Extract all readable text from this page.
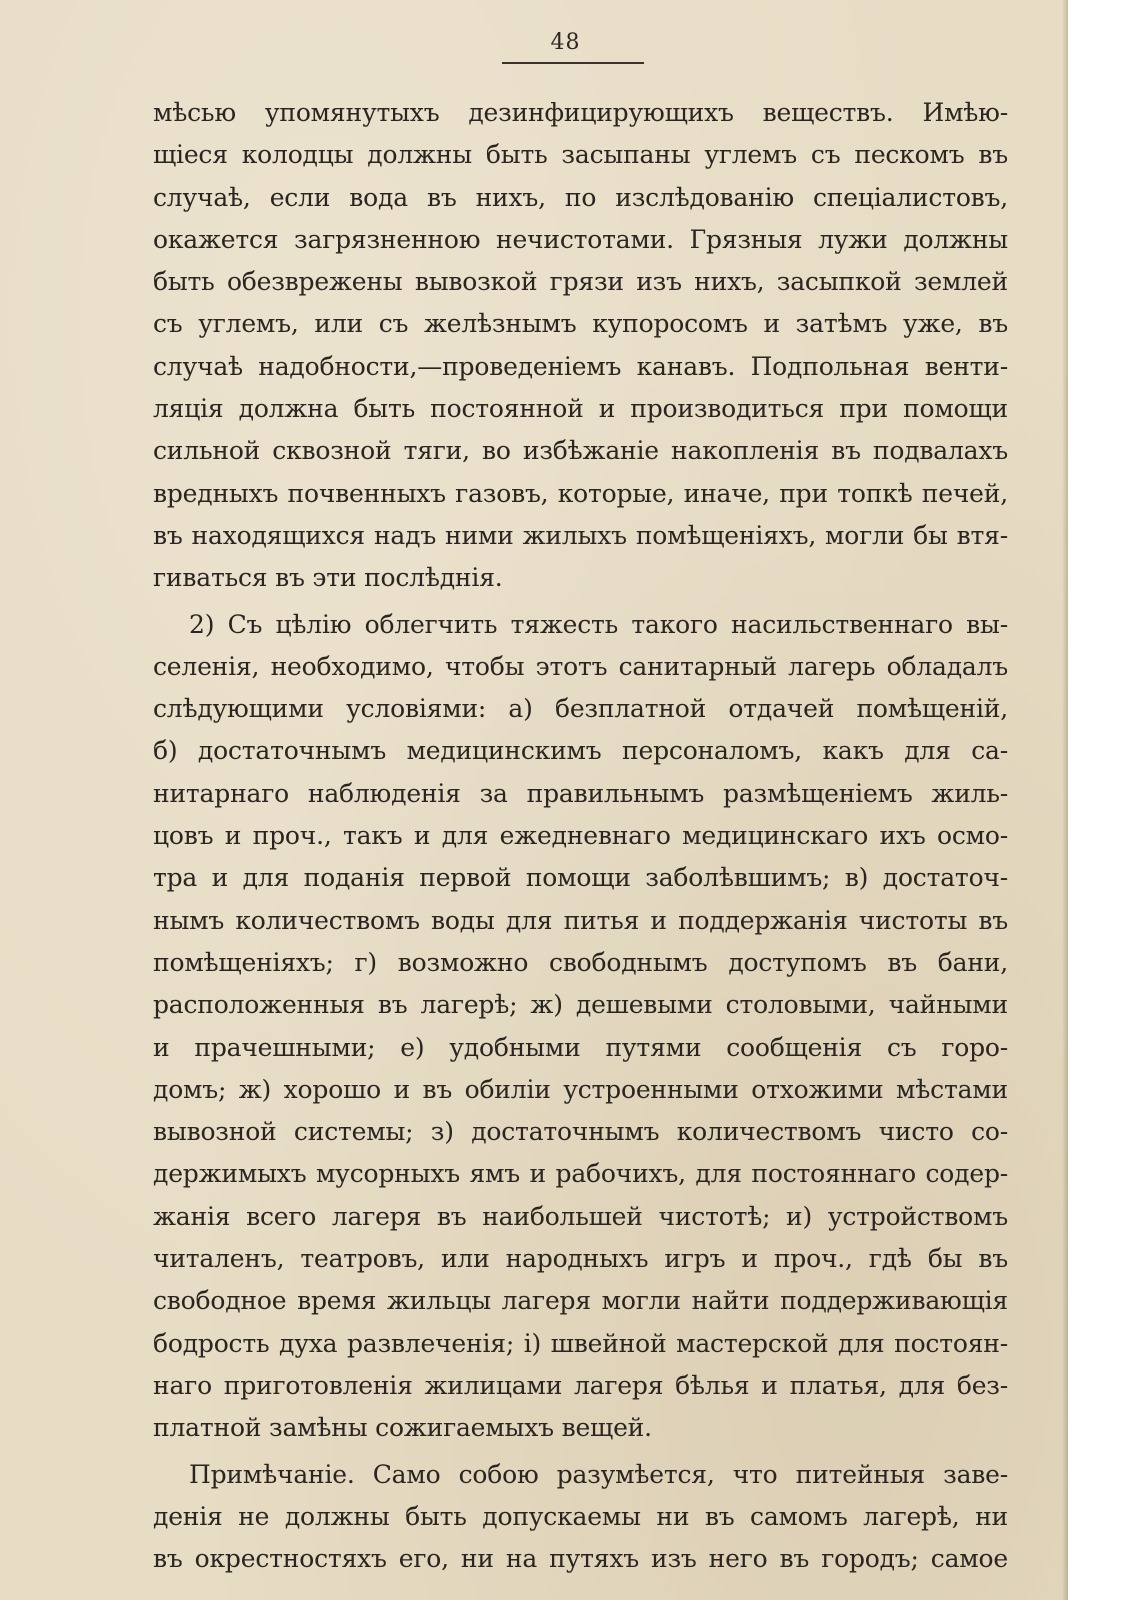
48
мѣсью упомянутыхъ дезинфицирующихъ веществъ. Имѣю-
щіеся колодцы должны быть засыпаны углемъ съ пескомъ въ
случаѣ, если вода въ нихъ, по изслѣдованію спеціалистовъ,
окажется загрязненною нечистотами. Грязныя лужи должны
быть обезврежены вывозкой грязи изъ нихъ, засыпкой землей
съ углемъ, или съ желѣзнымъ купоросомъ и затѣмъ уже, въ
случаѣ надобности,—проведеніемъ канавъ. Подпольная венти-
ляція должна быть постоянной и производиться при помощи
сильной сквозной тяги, во избѣжаніе накопленія въ подвалахъ
вредныхъ почвенныхъ газовъ, которые, иначе, при топкѣ печей,
въ находящихся надъ ними жилыхъ помѣщеніяхъ, могли бы втя-
гиваться въ эти послѣднія.
2) Съ цѣлію облегчить тяжесть такого насильственнаго вы-
селенія, необходимо, чтобы этотъ санитарный лагерь обладалъ
слѣдующими условіями: а) безплатной отдачей помѣщеній,
б) достаточнымъ медицинскимъ персоналомъ, какъ для са-
нитарнаго наблюденія за правильнымъ размѣщеніемъ жиль-
цовъ и проч., такъ и для ежедневнаго медицинскаго ихъ осмо-
тра и для поданія первой помощи заболѣвшимъ; в) достаточ-
нымъ количествомъ воды для питья и поддержанія чистоты въ
помѣщеніяхъ; г) возможно свободнымъ доступомъ въ бани,
расположенныя въ лагерѣ; ж) дешевыми столовыми, чайными
и прачешными; е) удобными путями сообщенія съ горо-
домъ; ж) хорошо и въ обиліи устроенными отхожими мѣстами
вывозной системы; з) достаточнымъ количествомъ чисто со-
держимыхъ мусорныхъ ямъ и рабочихъ, для постояннаго содер-
жанія всего лагеря въ наибольшей чистотѣ; и) устройствомъ
читаленъ, театровъ, или народныхъ игръ и проч., гдѣ бы въ
свободное время жильцы лагеря могли найти поддерживающія
бодрость духа развлеченія; і) швейной мастерской для постоян-
наго приготовленія жилицами лагеря бѣлья и платья, для без-
платной замѣны сожигаемыхъ вещей.
Примѣчаніе. Само собою разумѣется, что питейныя заве-
денія не должны быть допускаемы ни въ самомъ лагерѣ, ни
въ окрестностяхъ его, ни на путяхъ изъ него въ городъ; самое
